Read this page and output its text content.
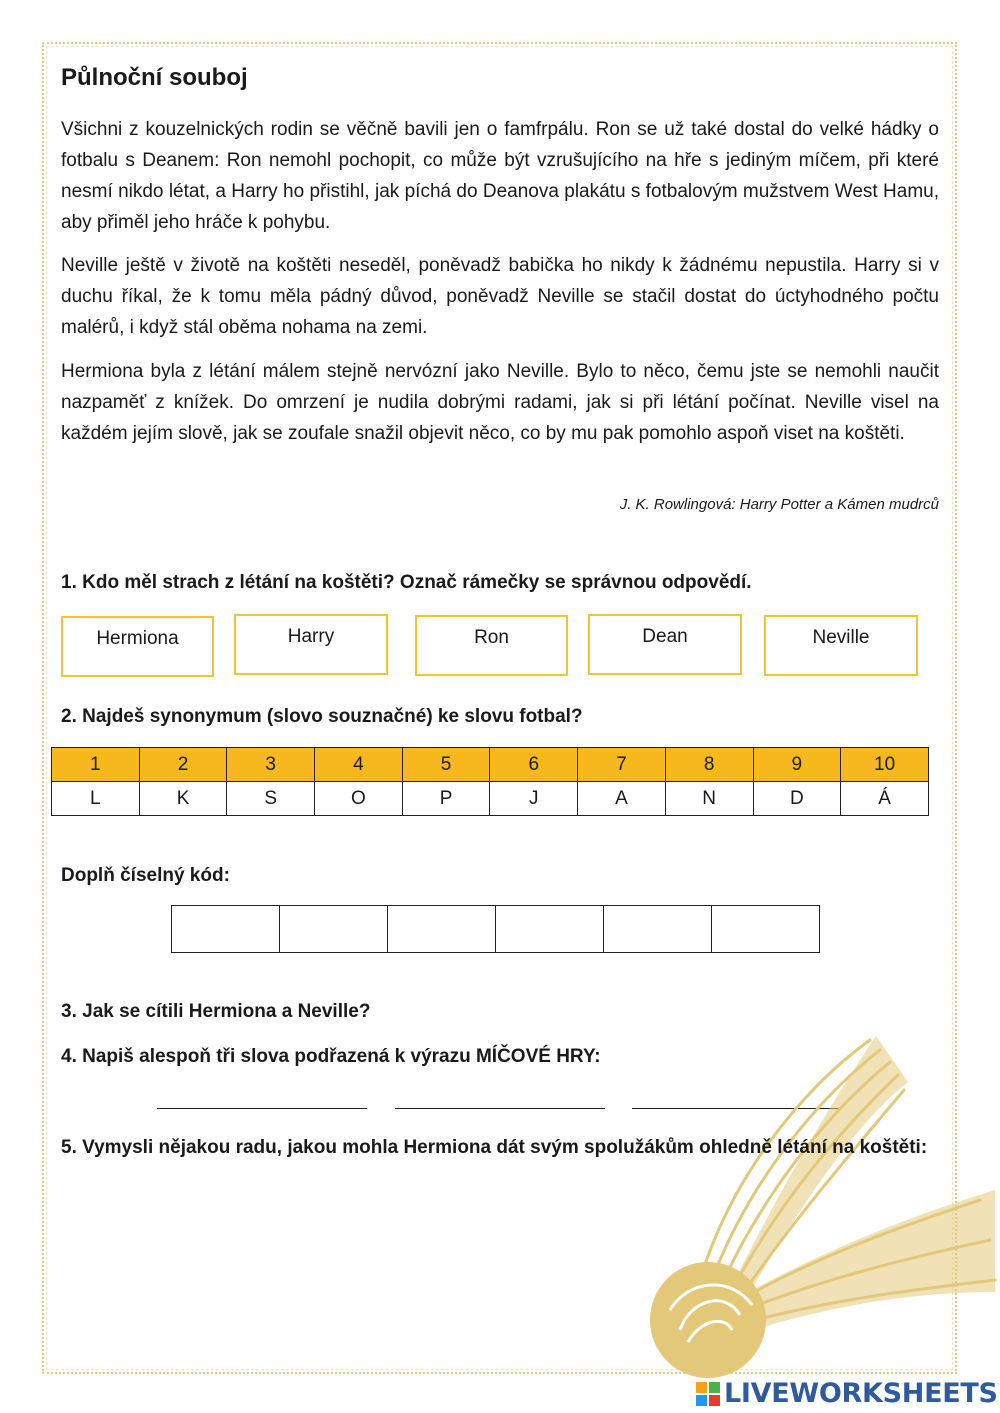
Půlnoční souboj

Všichni z kouzelnických rodin se věčně bavili jen o famfrpálu. Ron se už také dostal do velké hádky o fotbalu s Deanem: Ron nemohl pochopit, co může být vzrušujícího na hře s jediným míčem, při které nesmí nikdo létat, a Harry ho přistihl, jak píchá do Deanova plakátu s fotbalovým mužstvem West Hamu, aby přiměl jeho hráče k pohybu.

Neville ještě v životě na koštěti neseděl, poněvadž babička ho nikdy k žádnému nepustila. Harry si v duchu říkal, že k tomu měla pádný důvod, poněvadž Neville se stačil dostat do úctyhodného počtu malérů, i když stál oběma nohama na zemi.

Hermiona byla z létání málem stejně nervózní jako Neville. Bylo to něco, čemu jste se nemohli naučit nazpaměť z knížek. Do omrzení je nudila dobrými radami, jak si při létání počínat. Neville visel na každém jejím slově, jak se zoufale snažil objevit něco, co by mu pak pomohlo aspoň viset na koštěti.

J. K. Rowlingová: Harry Potter a Kámen mudrců

1. Kdo měl strach z létání na koštěti? Označ rámečky se správnou odpovědí.

Hermiona	Harry	Ron	Dean	Neville

2. Najdeš synonymum (slovo souznačné) ke slovu fotbal?

1	2	3	4	5	6	7	8	9	10
L	K	S	O	P	J	A	N	D	Á

Doplň číselný kód:

3. Jak se cítili Hermiona a Neville?

4. Napiš alespoň tři slova podřazená k výrazu MÍČOVÉ HRY:

5. Vymysli nějakou radu, jakou mohla Hermiona dát svým spolužákům ohledně létání na koštěti:

LIVEWORKSHEETS
